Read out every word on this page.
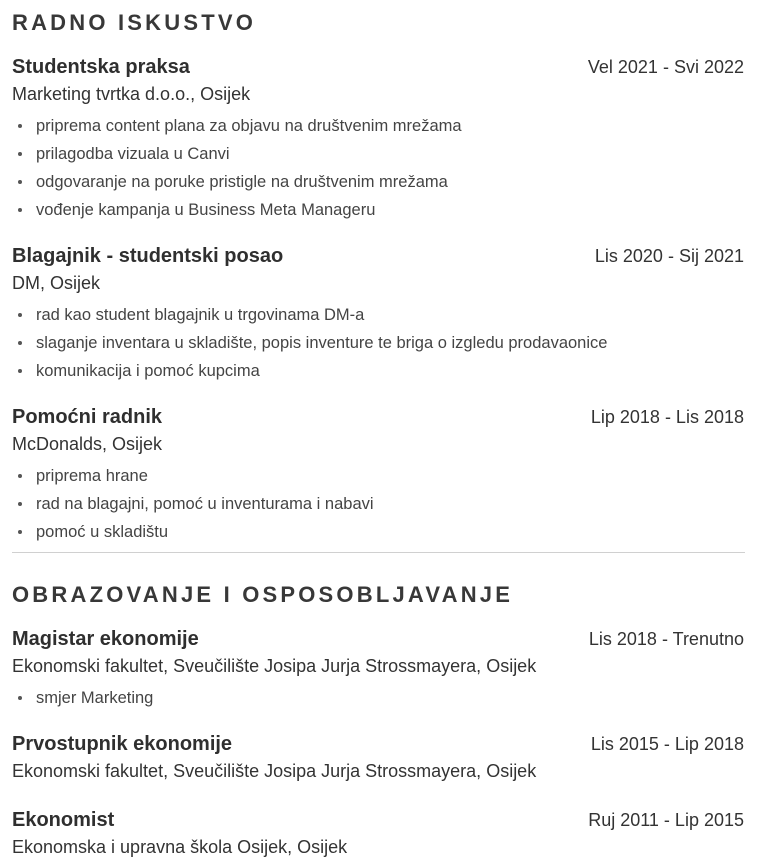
RADNO ISKUSTVO
Studentska praksa	Vel 2021 - Svi 2022
Marketing tvrtka d.o.o., Osijek
priprema content plana za objavu na društvenim mrežama
prilagodba vizuala u Canvi
odgovaranje na poruke pristigle na društvenim mrežama
vođenje kampanja u Business Meta Manageru
Blagajnik - studentski posao	Lis 2020 - Sij 2021
DM, Osijek
rad kao student blagajnik u trgovinama DM-a
slaganje inventara u skladište, popis inventure te briga o izgledu prodavaonice
komunikacija i pomoć kupcima
Pomoćni radnik	Lip 2018 - Lis 2018
McDonalds, Osijek
priprema hrane
rad na blagajni, pomoć u inventurama i nabavi
pomoć u skladištu
OBRAZOVANJE I OSPOSOBLJAVANJE
Magistar ekonomije	Lis 2018 - Trenutno
Ekonomski fakultet, Sveučilište Josipa Jurja Strossmayera, Osijek
smjer Marketing
Prvostupnik ekonomije	Lis 2015 - Lip 2018
Ekonomski fakultet, Sveučilište Josipa Jurja Strossmayera, Osijek
Ekonomist	Ruj 2011 - Lip 2015
Ekonomska i upravna škola Osijek, Osijek
